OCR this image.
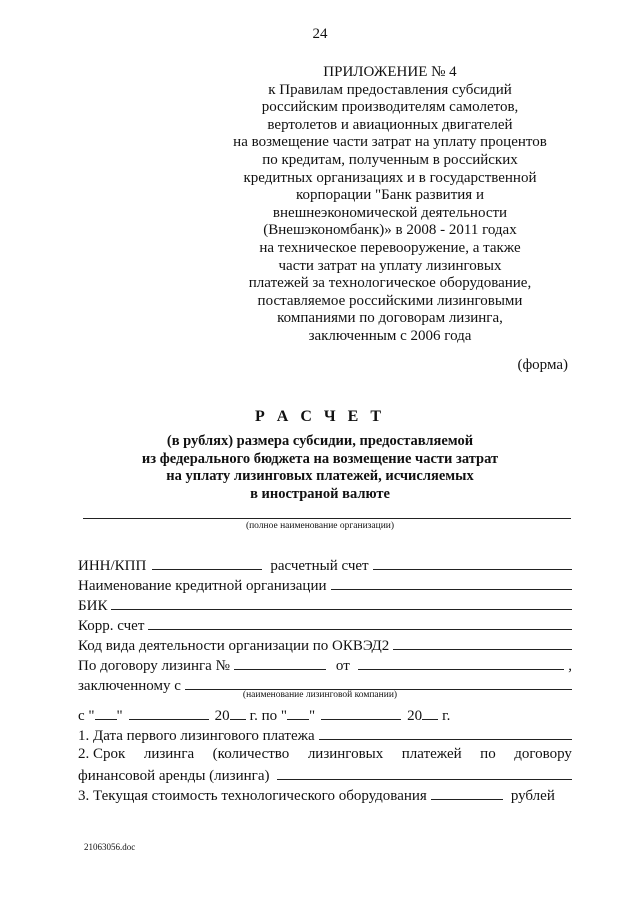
24
ПРИЛОЖЕНИЕ № 4
к Правилам предоставления субсидий
российским производителям самолетов,
вертолетов и авиационных двигателей
на возмещение части затрат на уплату процентов
по кредитам, полученным в российских
кредитных организациях и в государственной
корпорации "Банк развития и
внешнеэкономической деятельности
(Внешэкономбанк)» в 2008 - 2011 годах
на техническое перевооружение, а также
части затрат на уплату лизинговых
платежей за технологическое оборудование,
поставляемое российскими лизинговыми
компаниями по договорам лизинга,
заключенным с 2006 года
(форма)
Р А С Ч Е Т
(в рублях) размера субсидии, предоставляемой
из федерального бюджета на возмещение части затрат
на уплату лизинговых платежей, исчисляемых
в иностраной валюте
(полное наименование организации)
ИНН/КПП	расчетный счет
Наименование кредитной организации
БИК
Корр. счет
Код вида деятельности организации по ОКВЭД2
По договору лизинга №	от	,
заключенному с
(наименование лизинговой компании)
с " "	20 г. по " "	20 г.
1. Дата первого лизингового платежа
2. Срок лизинга (количество лизинговых платежей по договору
финансовой аренды (лизинга)
3. Текущая стоимость технологического оборудования	рублей
21063056.doc
